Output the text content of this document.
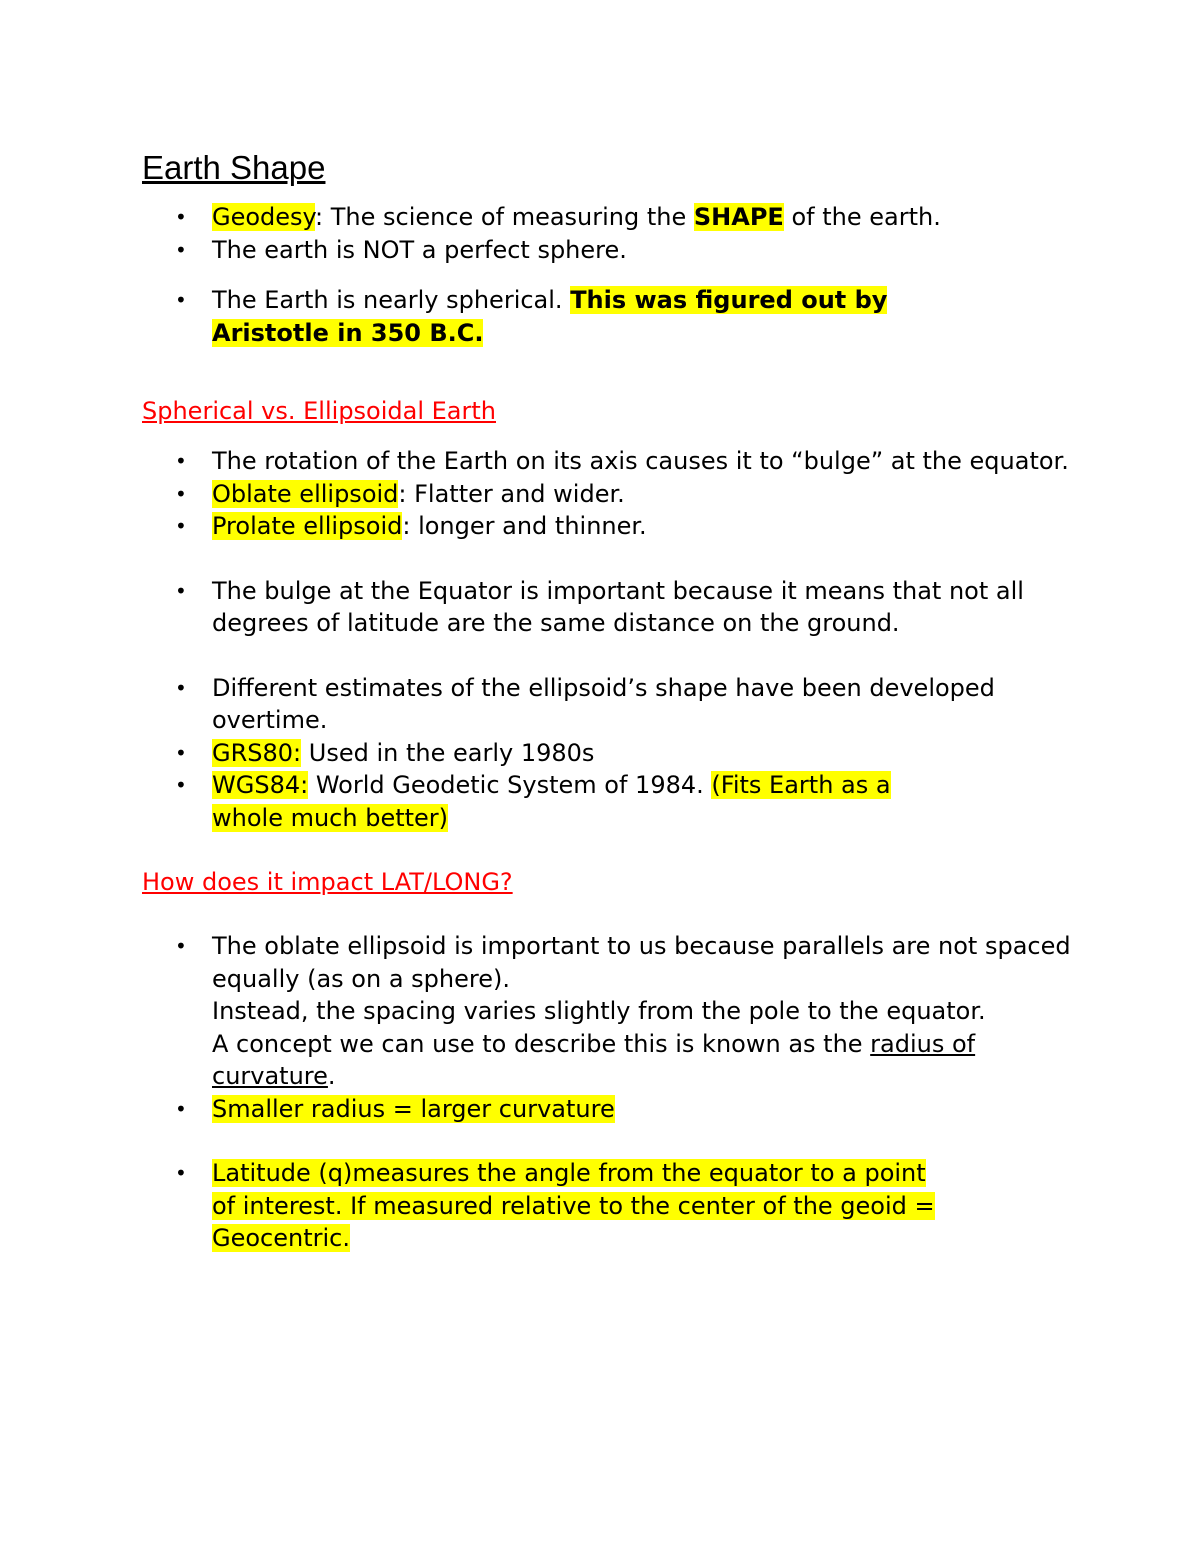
Earth Shape
• Geodesy: The science of measuring the SHAPE of the earth.
• The earth is NOT a perfect sphere.
• The Earth is nearly spherical. This was figured out by
Aristotle in 350 B.C.

Spherical vs. Ellipsoidal Earth

• The rotation of the Earth on its axis causes it to “bulge” at the equator.
• Oblate ellipsoid: Flatter and wider.
• Prolate ellipsoid: longer and thinner.
• The bulge at the Equator is important because it means that not all degrees of latitude are the same distance on the ground.
• Different estimates of the ellipsoid’s shape have been developed overtime.
• GRS80: Used in the early 1980s
• WGS84: World Geodetic System of 1984. (Fits Earth as a
whole much better)

How does it impact LAT/LONG?

• The oblate ellipsoid is important to us because parallels are not spaced equally (as on a sphere).
Instead, the spacing varies slightly from the pole to the equator.
A concept we can use to describe this is known as the radius of curvature.
• Smaller radius = larger curvature
• Latitude (q)measures the angle from the equator to a point
of interest. If measured relative to the center of the geoid =
Geocentric.
